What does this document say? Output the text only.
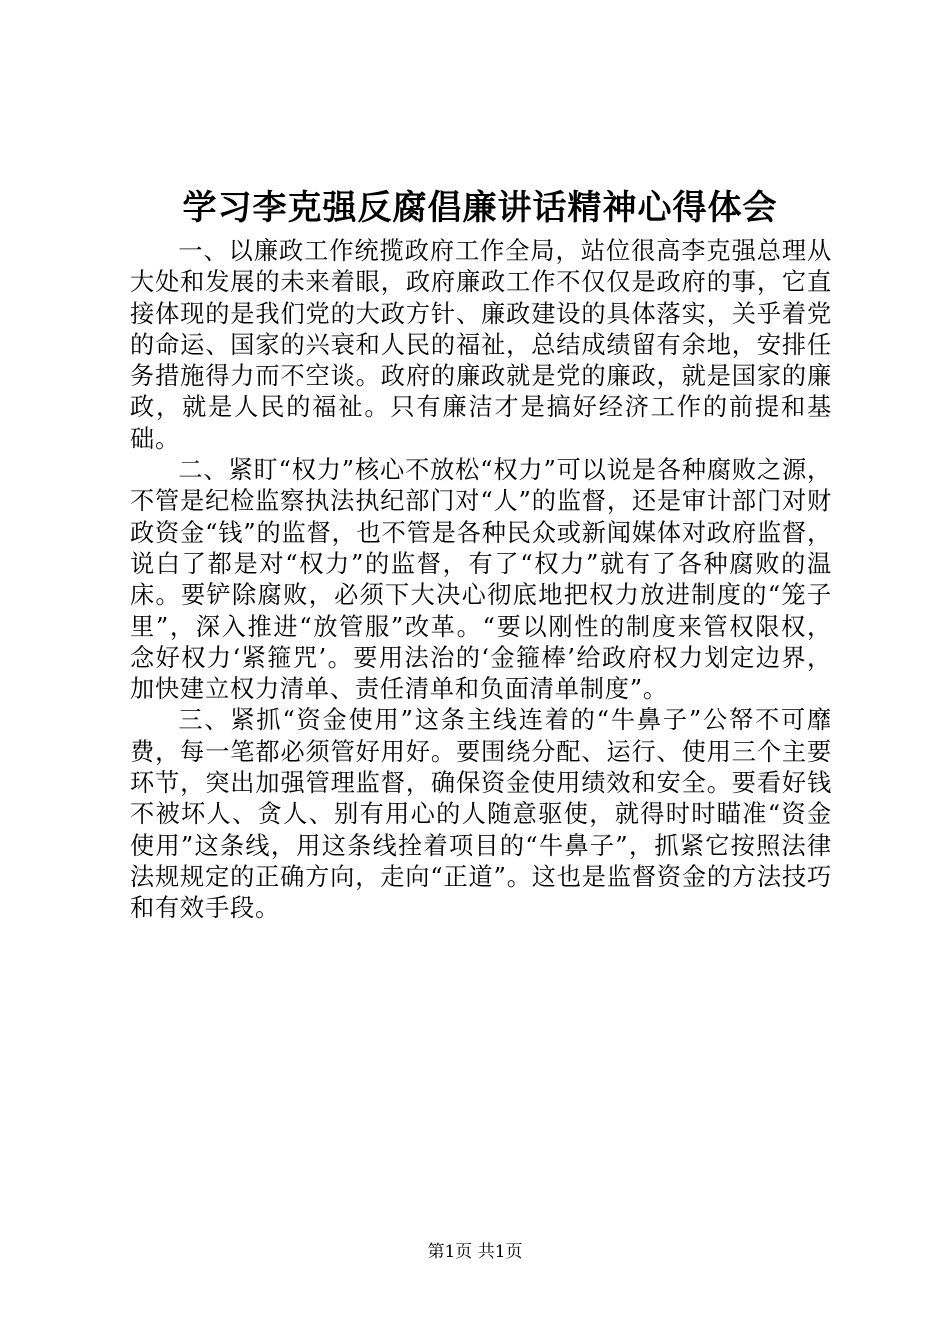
学习李克强反腐倡廉讲话精神心得体会

一、以廉政工作统揽政府工作全局，站位很高李克强总理从大处和发展的未来着眼，政府廉政工作不仅仅是政府的事，它直接体现的是我们党的大政方针、廉政建设的具体落实，关乎着党的命运、国家的兴衰和人民的福祉，总结成绩留有余地，安排任务措施得力而不空谈。政府的廉政就是党的廉政，就是国家的廉政，就是人民的福祉。只有廉洁才是搞好经济工作的前提和基础。

二、紧盯“权力”核心不放松“权力”可以说是各种腐败之源，不管是纪检监察执法执纪部门对“人”的监督，还是审计部门对财政资金“钱”的监督，也不管是各种民众或新闻媒体对政府监督，说白了都是对“权力”的监督，有了“权力”就有了各种腐败的温床。要铲除腐败，必须下大决心彻底地把权力放进制度的“笼子里”，深入推进“放管服”改革。“要以刚性的制度来管权限权，念好权力‘紧箍咒’。要用法治的‘金箍棒’给政府权力划定边界，加快建立权力清单、责任清单和负面清单制度”。

三、紧抓“资金使用”这条主线连着的“牛鼻子”公帑不可靡费，每一笔都必须管好用好。要围绕分配、运行、使用三个主要环节，突出加强管理监督，确保资金使用绩效和安全。要看好钱不被坏人、贪人、别有用心的人随意驱使，就得时时瞄准“资金使用”这条线，用这条线拴着项目的“牛鼻子”，抓紧它按照法律法规规定的正确方向，走向“正道”。这也是监督资金的方法技巧和有效手段。

第1页 共1页
